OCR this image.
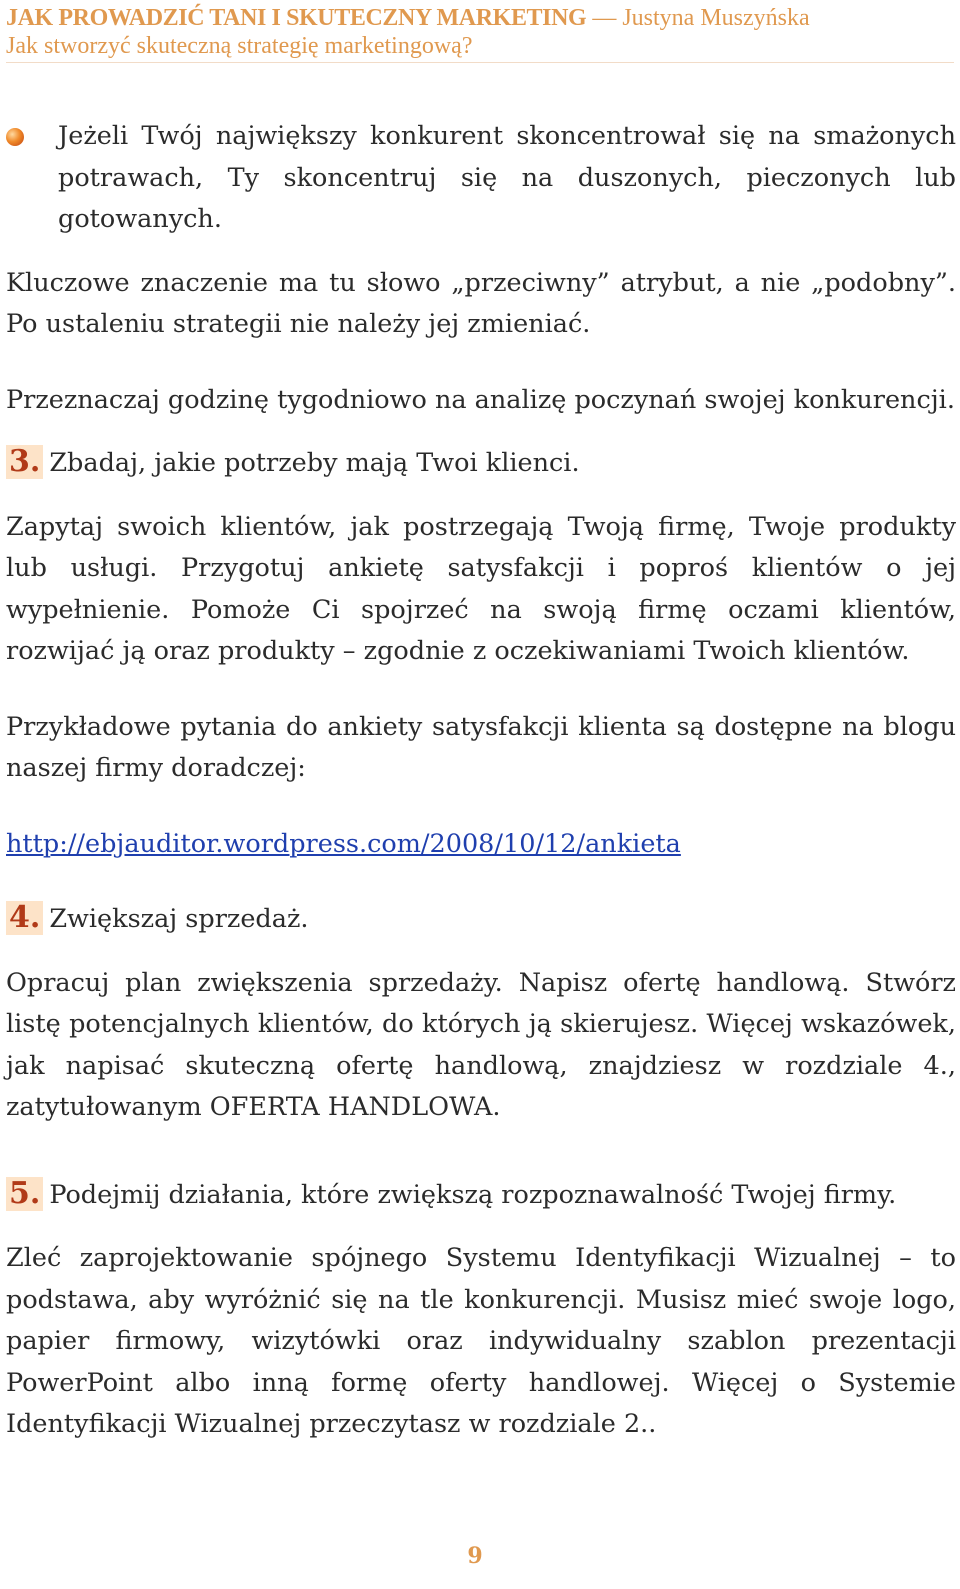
JAK PROWADZIĆ TANI I SKUTECZNY MARKETING — Justyna Muszyńska
Jak stworzyć skuteczną strategię marketingową?

Jeżeli Twój największy konkurent skoncentrował się na smażonych potrawach, Ty skoncentruj się na duszonych, pieczonych lub gotowanych.

Kluczowe znaczenie ma tu słowo „przeciwny” atrybut, a nie „podobny”. Po ustaleniu strategii nie należy jej zmieniać.

Przeznaczaj godzinę tygodniowo na analizę poczynań swojej konkurencji.

3. Zbadaj, jakie potrzeby mają Twoi klienci.

Zapytaj swoich klientów, jak postrzegają Twoją firmę, Twoje produkty lub usługi. Przygotuj ankietę satysfakcji i poproś klientów o jej wypełnienie. Pomoże Ci spojrzeć na swoją firmę oczami klientów, rozwijać ją oraz produkty – zgodnie z oczekiwaniami Twoich klientów.

Przykładowe pytania do ankiety satysfakcji klienta są dostępne na blogu naszej firmy doradczej:

http://ebjauditor.wordpress.com/2008/10/12/ankieta

4. Zwiększaj sprzedaż.

Opracuj plan zwiększenia sprzedaży. Napisz ofertę handlową. Stwórz listę potencjalnych klientów, do których ją skierujesz. Więcej wskazówek, jak napisać skuteczną ofertę handlową, znajdziesz w rozdziale 4., zatytułowanym OFERTA HANDLOWA.

5. Podejmij działania, które zwiększą rozpoznawalność Twojej firmy.

Zleć zaprojektowanie spójnego Systemu Identyfikacji Wizualnej – to podstawa, aby wyróżnić się na tle konkurencji. Musisz mieć swoje logo, papier firmowy, wizytówki oraz indywidualny szablon prezentacji PowerPoint albo inną formę oferty handlowej. Więcej o Systemie Identyfikacji Wizualnej przeczytasz w rozdziale 2..

9
